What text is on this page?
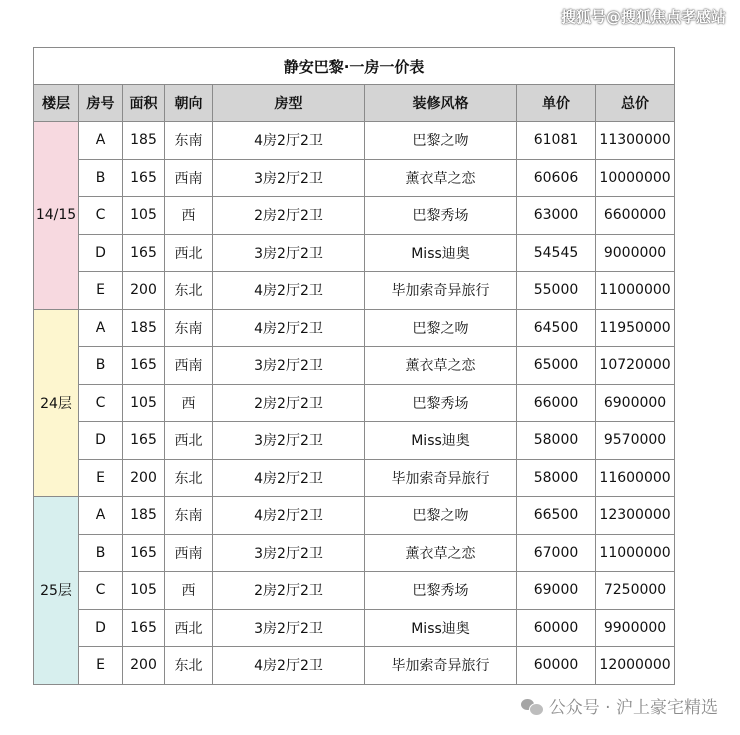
搜狐号@搜狐焦点孝感站
静安巴黎·一房一价表							
楼层	房号	面积	朝向	房型	装修风格	单价	总价
14/15	A	185	东南	4房2厅2卫	巴黎之吻	61081	11300000
	B	165	西南	3房2厅2卫	薰衣草之恋	60606	10000000
	C	105	西	2房2厅2卫	巴黎秀场	63000	6600000
	D	165	西北	3房2厅2卫	Miss迪奥	54545	9000000
	E	200	东北	4房2厅2卫	毕加索奇异旅行	55000	11000000
24层	A	185	东南	4房2厅2卫	巴黎之吻	64500	11950000
	B	165	西南	3房2厅2卫	薰衣草之恋	65000	10720000
	C	105	西	2房2厅2卫	巴黎秀场	66000	6900000
	D	165	西北	3房2厅2卫	Miss迪奥	58000	9570000
	E	200	东北	4房2厅2卫	毕加索奇异旅行	58000	11600000
25层	A	185	东南	4房2厅2卫	巴黎之吻	66500	12300000
	B	165	西南	3房2厅2卫	薰衣草之恋	67000	11000000
	C	105	西	2房2厅2卫	巴黎秀场	69000	7250000
	D	165	西北	3房2厅2卫	Miss迪奥	60000	9900000
	E	200	东北	4房2厅2卫	毕加索奇异旅行	60000	12000000
公众号 · 沪上豪宅精选
